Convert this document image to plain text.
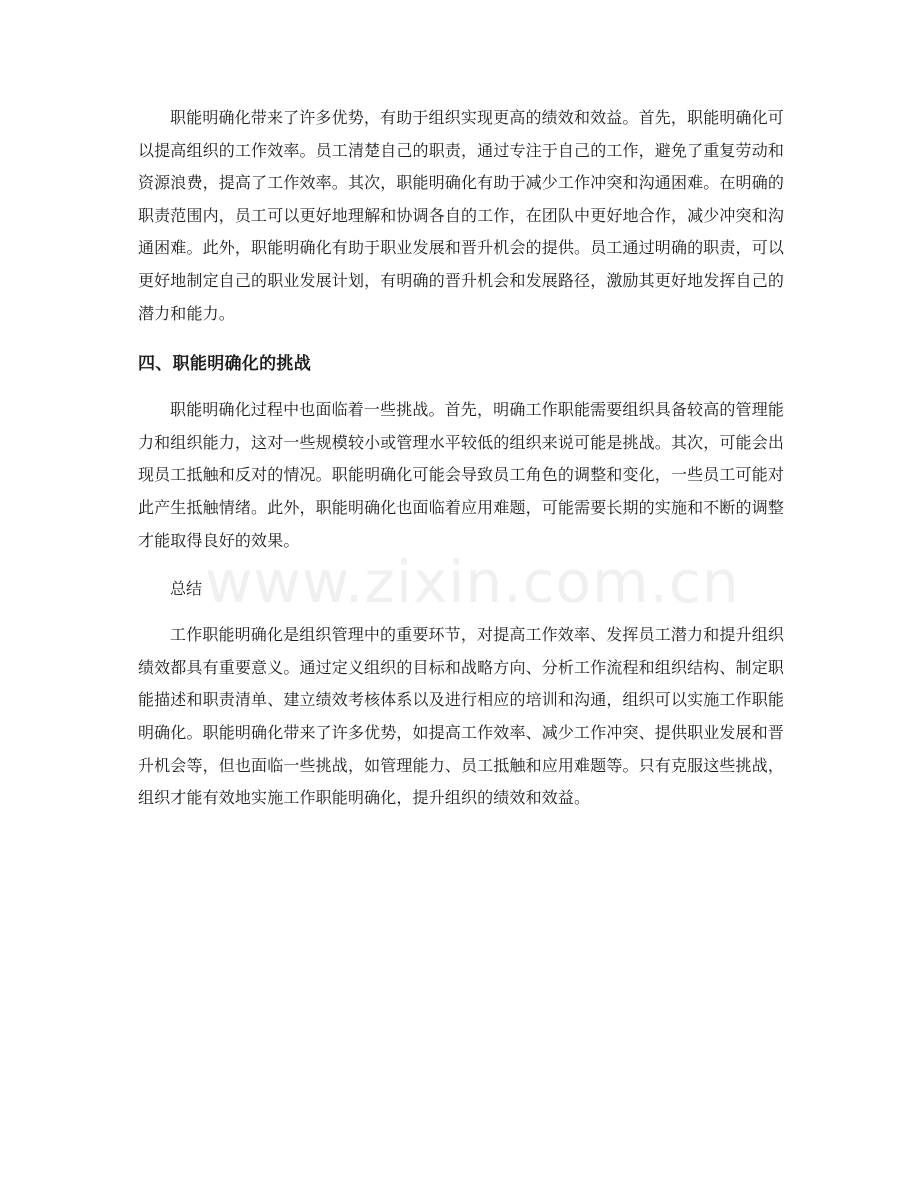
职能明确化带来了许多优势，有助于组织实现更高的绩效和效益。首先，职能明确化可以提高组织的工作效率。员工清楚自己的职责，通过专注于自己的工作，避免了重复劳动和资源浪费，提高了工作效率。其次，职能明确化有助于减少工作冲突和沟通困难。在明确的职责范围内，员工可以更好地理解和协调各自的工作，在团队中更好地合作，减少冲突和沟通困难。此外，职能明确化有助于职业发展和晋升机会的提供。员工通过明确的职责，可以更好地制定自己的职业发展计划，有明确的晋升机会和发展路径，激励其更好地发挥自己的潜力和能力。

四、职能明确化的挑战

职能明确化过程中也面临着一些挑战。首先，明确工作职能需要组织具备较高的管理能力和组织能力，这对一些规模较小或管理水平较低的组织来说可能是挑战。其次，可能会出现员工抵触和反对的情况。职能明确化可能会导致员工角色的调整和变化，一些员工可能对此产生抵触情绪。此外，职能明确化也面临着应用难题，可能需要长期的实施和不断的调整才能取得良好的效果。

总结

工作职能明确化是组织管理中的重要环节，对提高工作效率、发挥员工潜力和提升组织绩效都具有重要意义。通过定义组织的目标和战略方向、分析工作流程和组织结构、制定职能描述和职责清单、建立绩效考核体系以及进行相应的培训和沟通，组织可以实施工作职能明确化。职能明确化带来了许多优势，如提高工作效率、减少工作冲突、提供职业发展和晋升机会等，但也面临一些挑战，如管理能力、员工抵触和应用难题等。只有克服这些挑战，组织才能有效地实施工作职能明确化，提升组织的绩效和效益。

www.zixin.com.cn
